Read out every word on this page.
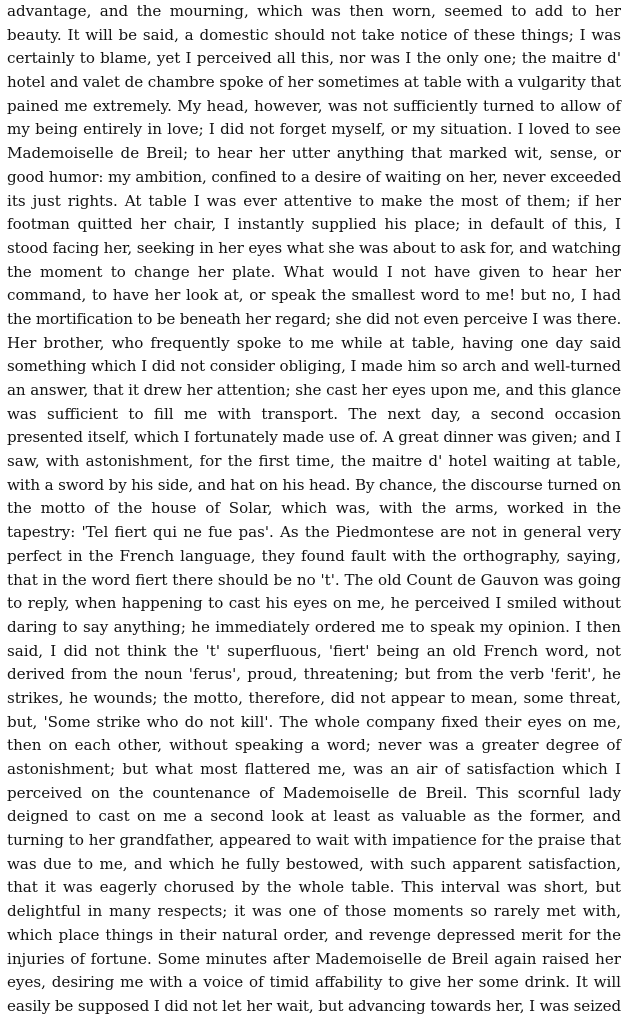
advantage, and the mourning, which was then worn, seemed to add to her
beauty. It will be said, a domestic should not take notice of these things; I was
certainly to blame, yet I perceived all this, nor was I the only one; the maitre d'
hotel and valet de chambre spoke of her sometimes at table with a vulgarity that
pained me extremely. My head, however, was not sufficiently turned to allow of
my being entirely in love; I did not forget myself, or my situation. I loved to see
Mademoiselle de Breil; to hear her utter anything that marked wit, sense, or
good humor: my ambition, confined to a desire of waiting on her, never exceeded
its just rights. At table I was ever attentive to make the most of them; if her
footman quitted her chair, I instantly supplied his place; in default of this, I
stood facing her, seeking in her eyes what she was about to ask for, and watching
the moment to change her plate. What would I not have given to hear her
command, to have her look at, or speak the smallest word to me! but no, I had
the mortification to be beneath her regard; she did not even perceive I was there.
Her brother, who frequently spoke to me while at table, having one day said
something which I did not consider obliging, I made him so arch and well-turned
an answer, that it drew her attention; she cast her eyes upon me, and this glance
was sufficient to fill me with transport. The next day, a second occasion
presented itself, which I fortunately made use of. A great dinner was given; and I
saw, with astonishment, for the first time, the maitre d' hotel waiting at table,
with a sword by his side, and hat on his head. By chance, the discourse turned on
the motto of the house of Solar, which was, with the arms, worked in the
tapestry: 'Tel fiert qui ne fue pas'. As the Piedmontese are not in general very
perfect in the French language, they found fault with the orthography, saying,
that in the word fiert there should be no 't'. The old Count de Gauvon was going
to reply, when happening to cast his eyes on me, he perceived I smiled without
daring to say anything; he immediately ordered me to speak my opinion. I then
said, I did not think the 't' superfluous, 'fiert' being an old French word, not
derived from the noun 'ferus', proud, threatening; but from the verb 'ferit', he
strikes, he wounds; the motto, therefore, did not appear to mean, some threat,
but, 'Some strike who do not kill'. The whole company fixed their eyes on me,
then on each other, without speaking a word; never was a greater degree of
astonishment; but what most flattered me, was an air of satisfaction which I
perceived on the countenance of Mademoiselle de Breil. This scornful lady
deigned to cast on me a second look at least as valuable as the former, and
turning to her grandfather, appeared to wait with impatience for the praise that
was due to me, and which he fully bestowed, with such apparent satisfaction,
that it was eagerly chorused by the whole table. This interval was short, but
delightful in many respects; it was one of those moments so rarely met with,
which place things in their natural order, and revenge depressed merit for the
injuries of fortune. Some minutes after Mademoiselle de Breil again raised her
eyes, desiring me with a voice of timid affability to give her some drink. It will
easily be supposed I did not let her wait, but advancing towards her, I was seized
